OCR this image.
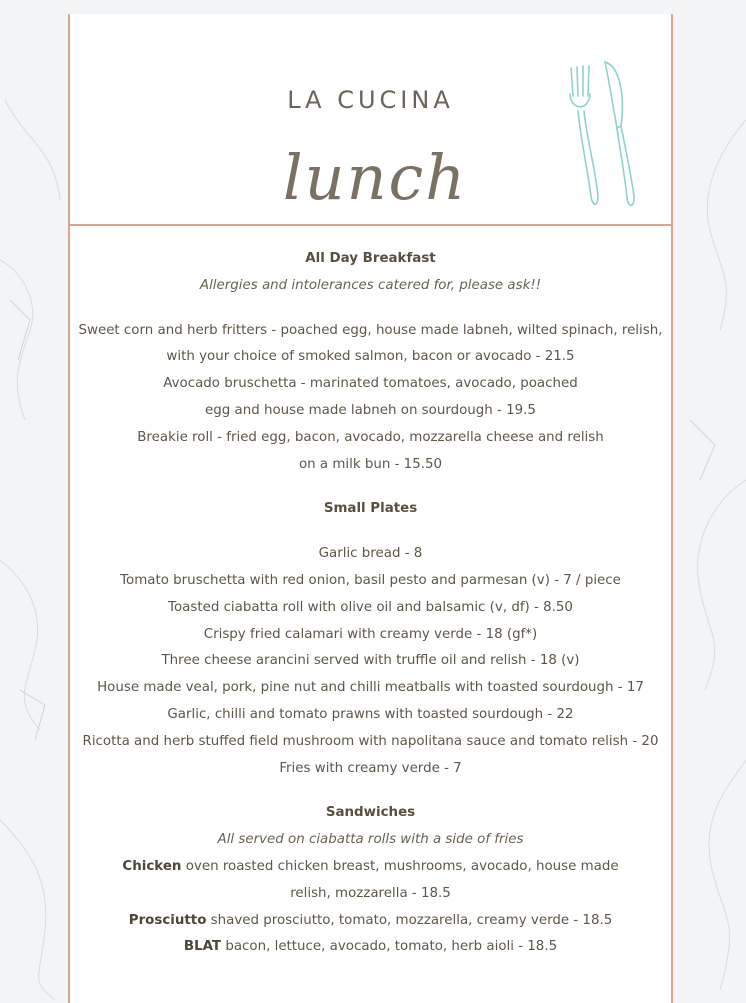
LA CUCINA
lunch

All Day Breakfast

Allergies and intolerances catered for, please ask!!

Sweet corn and herb fritters - poached egg, house made labneh, wilted spinach, relish,

with your choice of smoked salmon, bacon or avocado - 21.5

Avocado bruschetta - marinated tomatoes, avocado, poached

egg and house made labneh on sourdough - 19.5

Breakie roll - fried egg, bacon, avocado, mozzarella cheese and relish

on a milk bun - 15.50

Small Plates

Garlic bread - 8

Tomato bruschetta with red onion, basil pesto and parmesan (v) - 7 / piece

Toasted ciabatta roll with olive oil and balsamic (v, df) - 8.50

Crispy fried calamari with creamy verde - 18 (gf*)

Three cheese arancini served with truffle oil and relish - 18 (v)

House made veal, pork, pine nut and chilli meatballs with toasted sourdough - 17

Garlic, chilli and tomato prawns with toasted sourdough - 22

Ricotta and herb stuffed field mushroom with napolitana sauce and tomato relish - 20

Fries with creamy verde - 7

Sandwiches

All served on ciabatta rolls with a side of fries

Chicken oven roasted chicken breast, mushrooms, avocado, house made

relish, mozzarella - 18.5

Prosciutto shaved prosciutto, tomato, mozzarella, creamy verde - 18.5

BLAT bacon, lettuce, avocado, tomato, herb aioli - 18.5
